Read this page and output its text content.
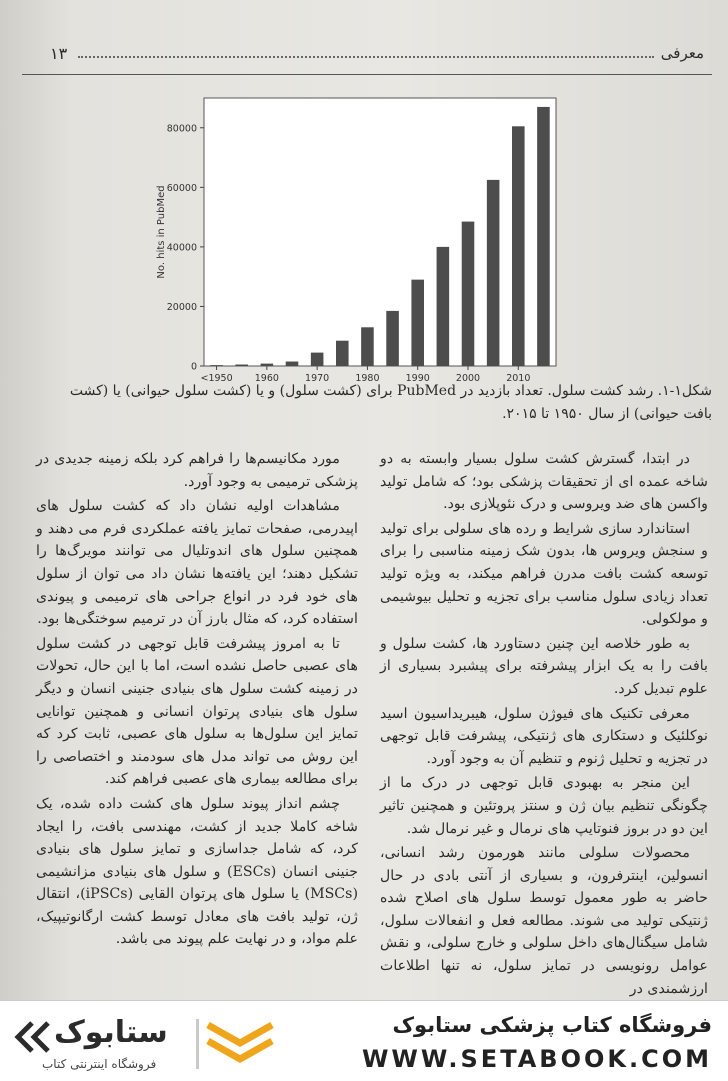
معرفی
۱۳
0
20000
40000
60000
80000
<1950 1960	1970	1980	1990	2000	2010
No. hits in PubMed
شکل۱-۱. رشد کشت سلول. تعداد بازدید در PubMed برای (کشت سلول) و یا (کشت سلول حیوانی) یا (کشت بافت حیوانی) از سال ۱۹۵۰ تا ۲۰۱۵.

در ابتدا، گسترش کشت سلول بسیار وابسته به دو شاخه عمده ای از تحقیقات پزشکی بود؛ که شامل تولید واکسن های ضد ویروسی و درک نئوپلازی بود.

استاندارد سازی شرایط و رده های سلولی برای تولید و سنجش ویروس ها، بدون شک زمینه مناسبی را برای توسعه کشت بافت مدرن فراهم میکند، به ویژه تولید تعداد زیادی سلول مناسب برای تجزیه و تحلیل بیوشیمی و مولکولی.

به طور خلاصه این چنین دستاورد ها، کشت سلول و بافت را به یک ابزار پیشرفته برای پیشبرد بسیاری از علوم تبدیل کرد.

معرفی تکنیک های فیوژن سلول، هیبریداسیون اسید نوکلئیک و دستکاری های ژنتیکی، پیشرفت قابل توجهی در تجزیه و تحلیل ژنوم و تنظیم آن به وجود آورد.

این منجر به بهبودی قابل توجهی در درک ما از چگونگی تنظیم بیان ژن و سنتز پروتئین و همچنین تاثیر این دو در بروز فنوتایپ های نرمال و غیر نرمال شد.

محصولات سلولی مانند هورمون رشد انسانی، انسولین، اینترفرون، و بسیاری از آنتی بادی در حال حاضر به طور معمول توسط سلول های اصلاح شده ژنتیکی تولید می شوند. مطالعه فعل و انفعالات سلول، شامل سیگنال‌های داخل سلولی و خارج سلولی، و نقش عوامل رونویسی در تمایز سلول، نه تنها اطلاعات ارزشمندی در

مورد مکانیسم‌ها را فراهم کرد بلکه زمینه جدیدی در پزشکی ترمیمی به وجود آورد.

مشاهدات اولیه نشان داد که کشت سلول های اپیدرمی، صفحات تمایز یافته عملکردی فرم می دهند و همچنین سلول های اندوتلیال می توانند مویرگ‌ها را تشکیل دهند؛ این یافته‌ها نشان داد می توان از سلول های خود فرد در انواع جراحی های ترمیمی و پیوندی استفاده کرد، که مثال بارز آن در ترمیم سوختگی‌ها بود.

تا به امروز پیشرفت قابل توجهی در کشت سلول های عصبی حاصل نشده است، اما با این حال، تحولات در زمینه کشت سلول های بنیادی جنینی انسان و دیگر سلول های بنیادی پرتوان انسانی و همچنین توانایی تمایز این سلول‌ها به سلول های عصبی، ثابت کرد که این روش می تواند مدل های سودمند و اختصاصی را برای مطالعه بیماری های عصبی فراهم کند.

چشم انداز پیوند سلول های کشت داده شده، یک شاخه کاملا جدید از کشت، مهندسی بافت، را ایجاد کرد، که شامل جداسازی و تمایز سلول های بنیادی جنینی انسان (ESCs) و سلول های بنیادی مزانشیمی (MSCs) یا سلول های پرتوان القایی (iPSCs)، انتقال ژن، تولید بافت های معادل توسط کشت ارگانوتیپیک، علم مواد، و در نهایت علم پیوند می باشد.

ستابوک
فروشگاه اینترنتی کتاب
فروشگاه کتاب پزشکی ستابوک
WWW.SETABOOK.COM
